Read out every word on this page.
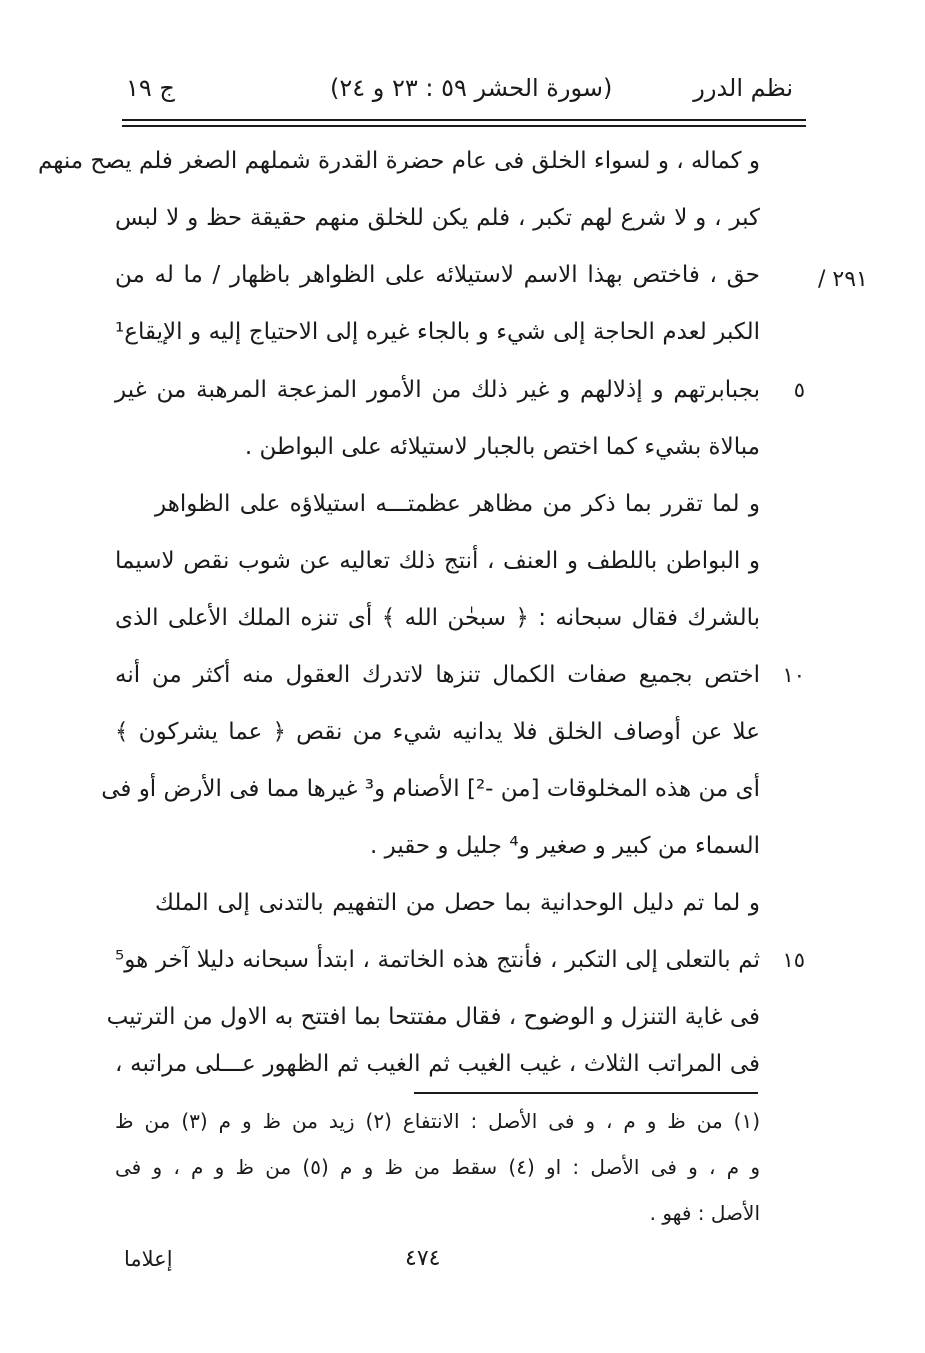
نظم الدرر
(سورة الحشر ٥٩ : ٢٣ و ٢٤)
ج ١٩
٢٩١ /
و كماله ، و لسواء الخلق فى عام حضرة القدرة شملهم الصغر فلم يصح منهم
كبر ، و لا شرع لهم تكبر ، فلم يكن للخلق منهم حقيقة حظ و لا لبس
حق ، فاختص بهذا الاسم لاستيلائه على الظواهر باظهار / ما له من
الكبر لعدم الحاجة إلى شيء و بالجاء غيره إلى الاحتياج إليه و الإيقاع¹
٥
بجبابرتهم و إذلالهم و غير ذلك من الأمور المزعجة المرهبة من غير
مبالاة بشيء كما اختص بالجبار لاستيلائه على البواطن .
و لما تقرر بما ذكر من مظاهر عظمتـــه استيلاؤه على الظواهر
و البواطن باللطف و العنف ، أنتج ذلك تعاليه عن شوب نقص لاسيما
بالشرك فقال سبحانه : ﴿ سبحٰن الله ﴾ أى تنزه الملك الأعلى الذى
١٠
اختص بجميع صفات الكمال تنزها لاتدرك العقول منه أكثر من أنه
علا عن أوصاف الخلق فلا يدانيه شيء من نقص ﴿ عما يشركون ﴾
أى من هذه المخلوقات [من -²] الأصنام و³ غيرها مما فى الأرض أو فى
السماء من كبير و صغير و⁴ جليل و حقير .
و لما تم دليل الوحدانية بما حصل من التفهيم بالتدنى إلى الملك
١٥
ثم بالتعلى إلى التكبر ، فأنتج هذه الخاتمة ، ابتدأ سبحانه دليلا آخر هو⁵
فى غاية التنزل و الوضوح ، فقال مفتتحا بما افتتح به الاول من الترتيب
فى المراتب الثلاث ، غيب الغيب ثم الغيب ثم الظهور عـــلى مراتبه ،
(١) من ظ و م ، و فى الأصل : الانتفاع (٢) زيد من ظ و م (٣) من ظ
و م ، و فى الأصل : او (٤) سقط من ظ و م (٥) من ظ و م ، و فى
الأصل : فهو .
٤٧٤
إعلاما
